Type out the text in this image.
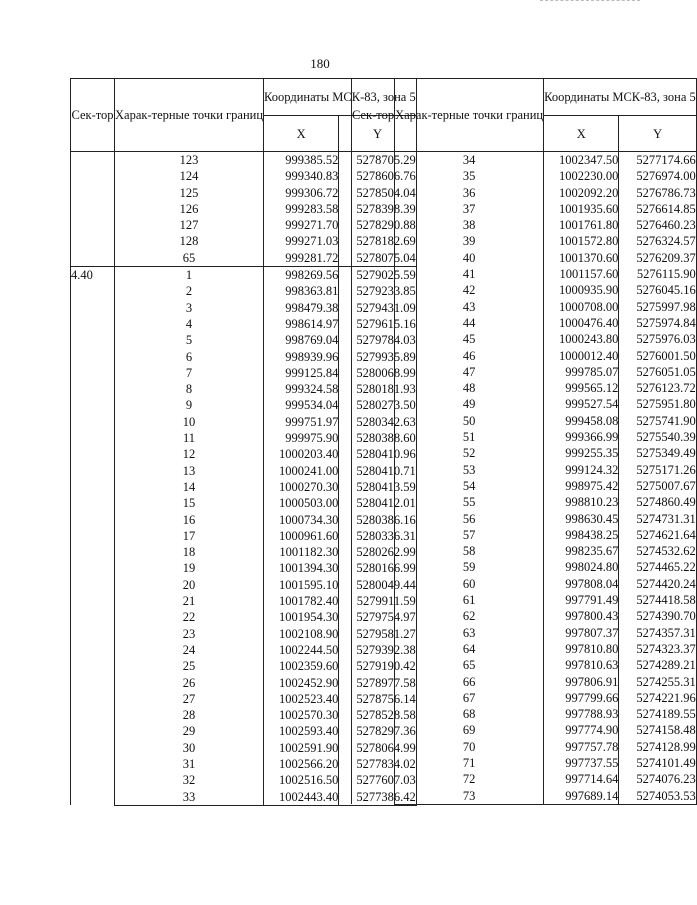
180
Сек-тор	Харак-терные точки границ	Координаты МСК-83, зона 5	
		X	Y
	123	999385.52	5278705.29
	124	999340.83	5278606.76
	125	999306.72	5278504.04
	126	999283.58	5278398.39
	127	999271.70	5278290.88
	128	999271.03	5278182.69
	65	999281.72	5278075.04
4.40	1	998269.56	5279025.59
	2	998363.81	5279233.85
	3	998479.38	5279431.09
	4	998614.97	5279615.16
	5	998769.04	5279784.03
	6	998939.96	5279935.89
	7	999125.84	5280068.99
	8	999324.58	5280181.93
	9	999534.04	5280273.50
	10	999751.97	5280342.63
	11	999975.90	5280388.60
	12	1000203.40	5280410.96
	13	1000241.00	5280410.71
	14	1000270.30	5280413.59
	15	1000503.00	5280412.01
	16	1000734.30	5280386.16
	17	1000961.60	5280336.31
	18	1001182.30	5280262.99
	19	1001394.30	5280166.99
	20	1001595.10	5280049.44
	21	1001782.40	5279911.59
	22	1001954.30	5279754.97
	23	1002108.90	5279581.27
	24	1002244.50	5279392.38
	25	1002359.60	5279190.42
	26	1002452.90	5278977.58
	27	1002523.40	5278756.14
	28	1002570.30	5278528.58
	29	1002593.40	5278297.36
	30	1002591.90	5278064.99
	31	1002566.20	5277834.02
	32	1002516.50	5277607.03
	33	1002443.40	5277386.42
Сек-тор	Харак-терные точки границ	Координаты МСК-83, зона 5	
		X	Y
	34	1002347.50	5277174.66
	35	1002230.00	5276974.00
	36	1002092.20	5276786.73
	37	1001935.60	5276614.85
	38	1001761.80	5276460.23
	39	1001572.80	5276324.57
	40	1001370.60	5276209.37
	41	1001157.60	5276115.90
	42	1000935.90	5276045.16
	43	1000708.00	5275997.98
	44	1000476.40	5275974.84
	45	1000243.80	5275976.03
	46	1000012.40	5276001.50
	47	999785.07	5276051.05
	48	999565.12	5276123.72
	49	999527.54	5275951.80
	50	999458.08	5275741.90
	51	999366.99	5275540.39
	52	999255.35	5275349.49
	53	999124.32	5275171.26
	54	998975.42	5275007.67
	55	998810.23	5274860.49
	56	998630.45	5274731.31
	57	998438.25	5274621.64
	58	998235.67	5274532.62
	59	998024.80	5274465.22
	60	997808.04	5274420.24
	61	997791.49	5274418.58
	62	997800.43	5274390.70
	63	997807.37	5274357.31
	64	997810.80	5274323.37
	65	997810.63	5274289.21
	66	997806.91	5274255.31
	67	997799.66	5274221.96
	68	997788.93	5274189.55
	69	997774.90	5274158.48
	70	997757.78	5274128.99
	71	997737.55	5274101.49
	72	997714.64	5274076.23
	73	997689.14	5274053.53
